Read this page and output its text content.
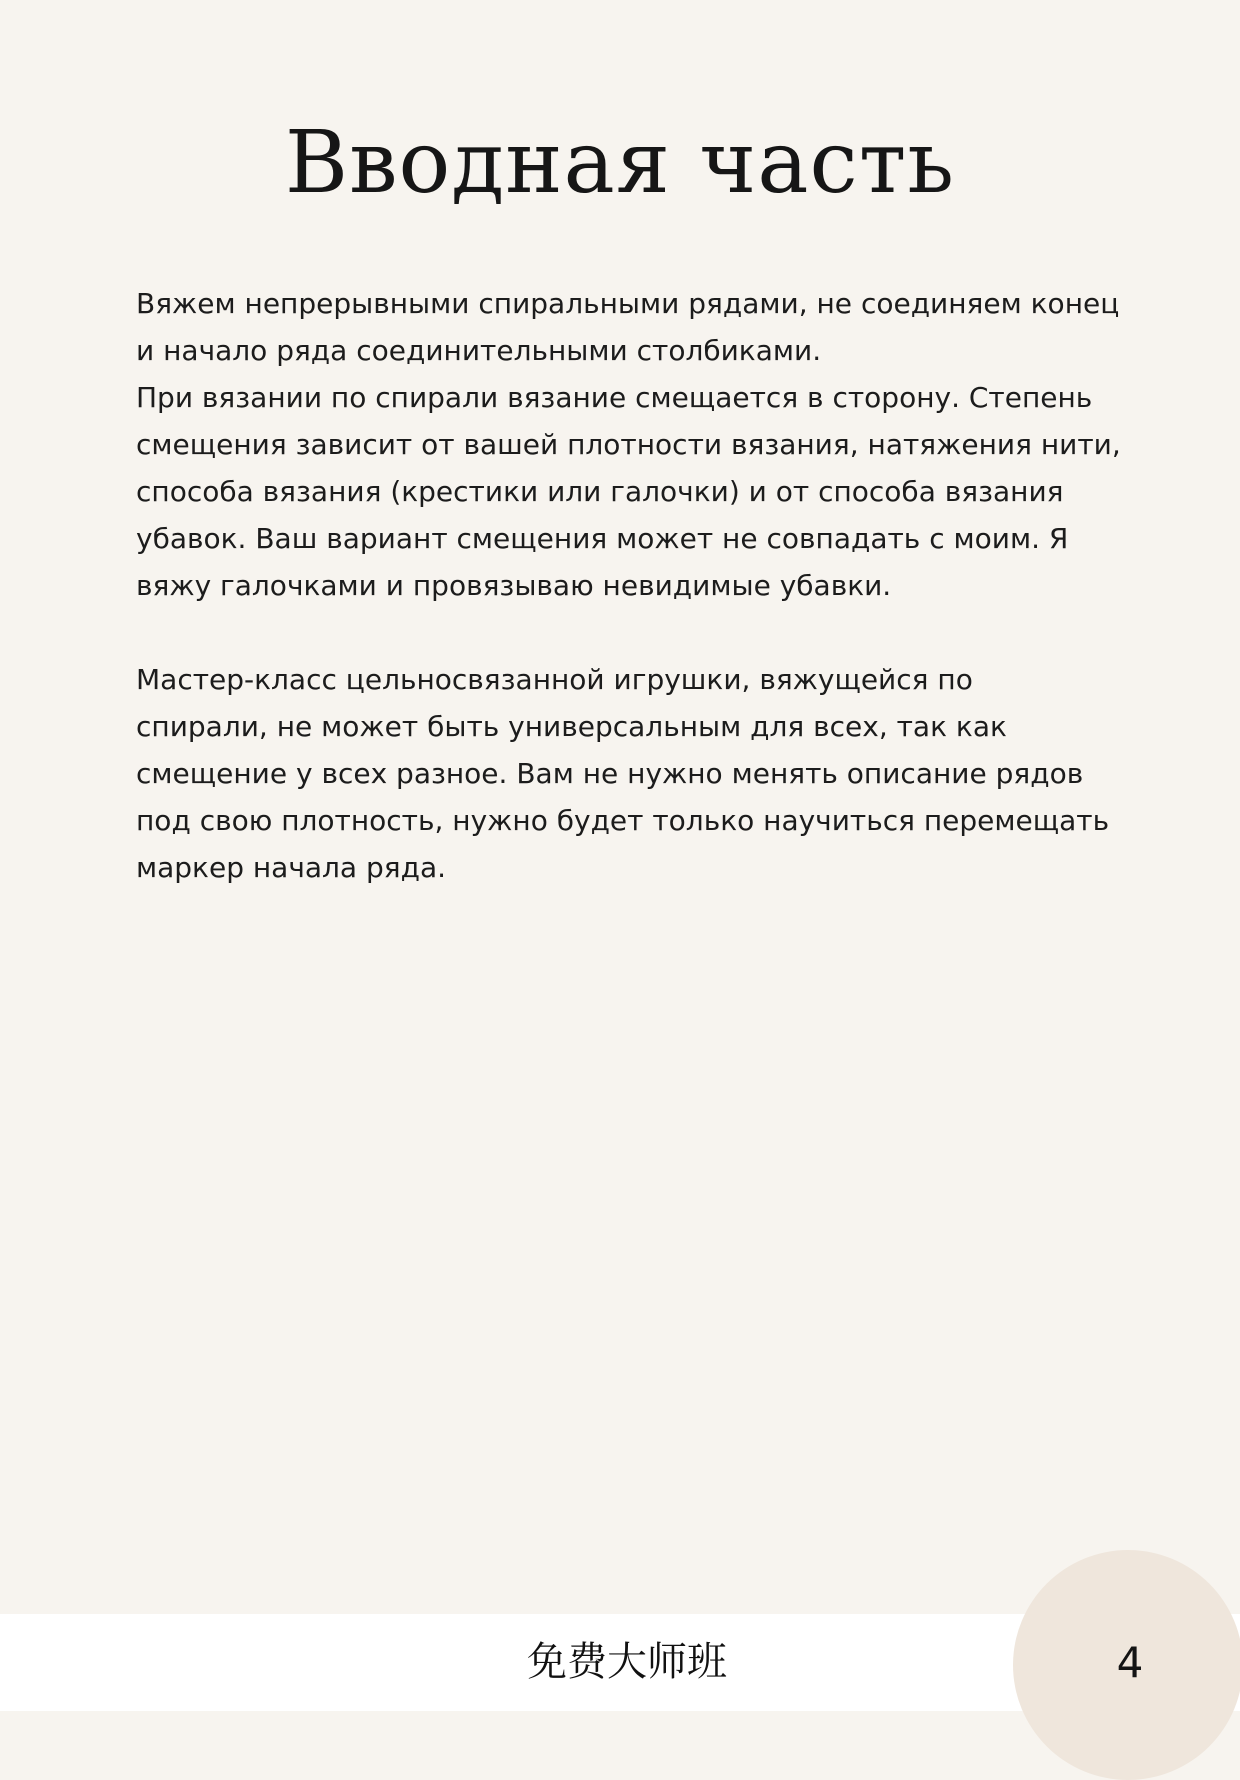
Вводная часть

Вяжем непрерывными спиральными рядами, не соединяем конец
и начало ряда соединительными столбиками.
При вязании по спирали вязание смещается в сторону. Степень
смещения зависит от вашей плотности вязания, натяжения нити,
способа вязания (крестики или галочки) и от способа вязания
убавок. Ваш вариант смещения может не совпадать с моим. Я
вяжу галочками и провязываю невидимые убавки.

Мастер-класс цельносвязанной игрушки, вяжущейся по
спирали, не может быть универсальным для всех, так как
смещение у всех разное. Вам не нужно менять описание рядов
под свою плотность, нужно будет только научиться перемещать
маркер начала ряда.

免费大师班	4
